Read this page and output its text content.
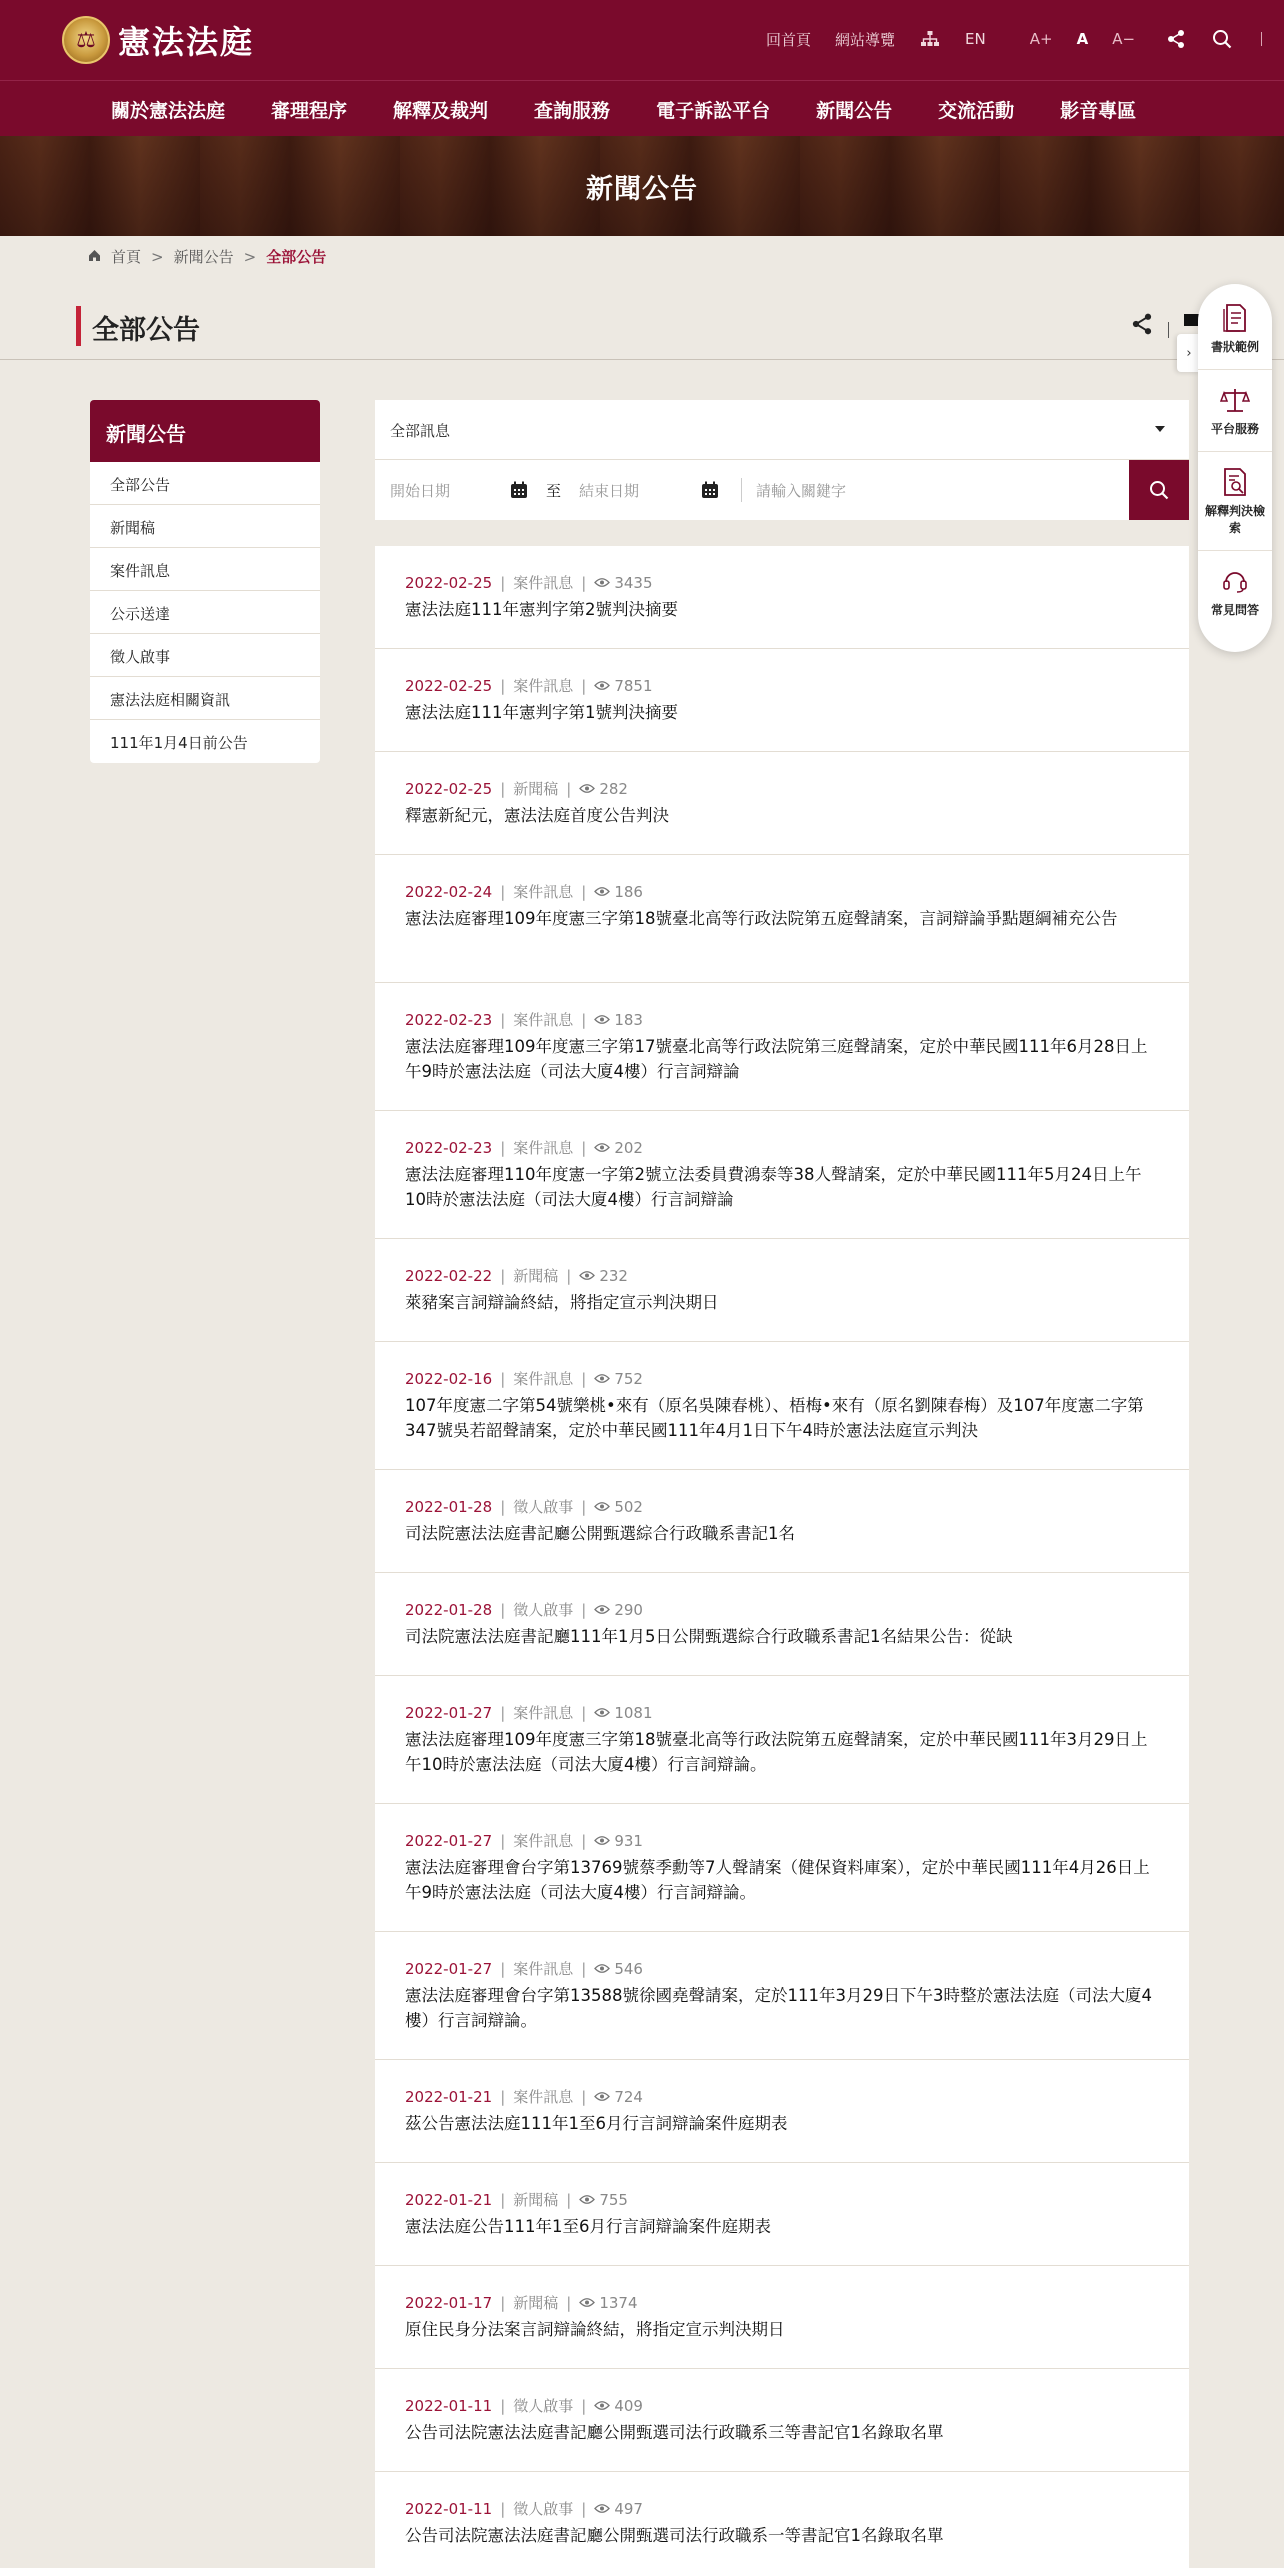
⚖ 憲法法庭	回首頁 網站導覽	EN	A+ A A−
關於憲法法庭	審理程序	解釋及裁判	查詢服務	電子訴訟平台	新聞公告	交流活動	影音專區
新聞公告
首頁 > 新聞公告 > 全部公告
全部公告
新聞公告
全部公告
新聞稿
案件訊息
公示送達
徵人啟事
憲法法庭相關資訊
111年1月4日前公告
全部訊息
開始日期	至 結束日期	請輸入關鍵字
2022-02-25 | 案件訊息 | 3435
憲法法庭111年憲判字第2號判決摘要
2022-02-25 | 案件訊息 | 7851
憲法法庭111年憲判字第1號判決摘要
2022-02-25 | 新聞稿 | 282
釋憲新紀元，憲法法庭首度公告判決
2022-02-24 | 案件訊息 | 186
憲法法庭審理109年度憲三字第18號臺北高等行政法院第五庭聲請案，言詞辯論爭點題綱補充公告
2022-02-23 | 案件訊息 | 183
憲法法庭審理109年度憲三字第17號臺北高等行政法院第三庭聲請案，定於中華民國111年6月28日上午9時於憲法法庭（司法大廈4樓）行言詞辯論
2022-02-23 | 案件訊息 | 202
憲法法庭審理110年度憲一字第2號立法委員費鴻泰等38人聲請案，定於中華民國111年5月24日上午10時於憲法法庭（司法大廈4樓）行言詞辯論
2022-02-22 | 新聞稿 | 232
萊豬案言詞辯論終結，將指定宣示判決期日
2022-02-16 | 案件訊息 | 752
107年度憲二字第54號樂桃•來有（原名吳陳春桃）、梧梅•來有（原名劉陳春梅）及107年度憲二字第347號吳若韶聲請案，定於中華民國111年4月1日下午4時於憲法法庭宣示判決
2022-01-28 | 徵人啟事 | 502
司法院憲法法庭書記廳公開甄選綜合行政職系書記1名
2022-01-28 | 徵人啟事 | 290
司法院憲法法庭書記廳111年1月5日公開甄選綜合行政職系書記1名結果公告：從缺
2022-01-27 | 案件訊息 | 1081
憲法法庭審理109年度憲三字第18號臺北高等行政法院第五庭聲請案，定於中華民國111年3月29日上午10時於憲法法庭（司法大廈4樓）行言詞辯論。
2022-01-27 | 案件訊息 | 931
憲法法庭審理會台字第13769號蔡季勳等7人聲請案（健保資料庫案），定於中華民國111年4月26日上午9時於憲法法庭（司法大廈4樓）行言詞辯論。
2022-01-27 | 案件訊息 | 546
憲法法庭審理會台字第13588號徐國堯聲請案，定於111年3月29日下午3時整於憲法法庭（司法大廈4樓）行言詞辯論。
2022-01-21 | 案件訊息 | 724
茲公告憲法法庭111年1至6月行言詞辯論案件庭期表
2022-01-21 | 新聞稿 | 755
憲法法庭公告111年1至6月行言詞辯論案件庭期表
2022-01-17 | 新聞稿 | 1374
原住民身分法案言詞辯論終結，將指定宣示判決期日
2022-01-11 | 徵人啟事 | 409
公告司法院憲法法庭書記廳公開甄選司法行政職系三等書記官1名錄取名單
2022-01-11 | 徵人啟事 | 497
公告司法院憲法法庭書記廳公開甄選司法行政職系一等書記官1名錄取名單
›	書狀範例
平台服務
解釋判決檢索
常見問答
